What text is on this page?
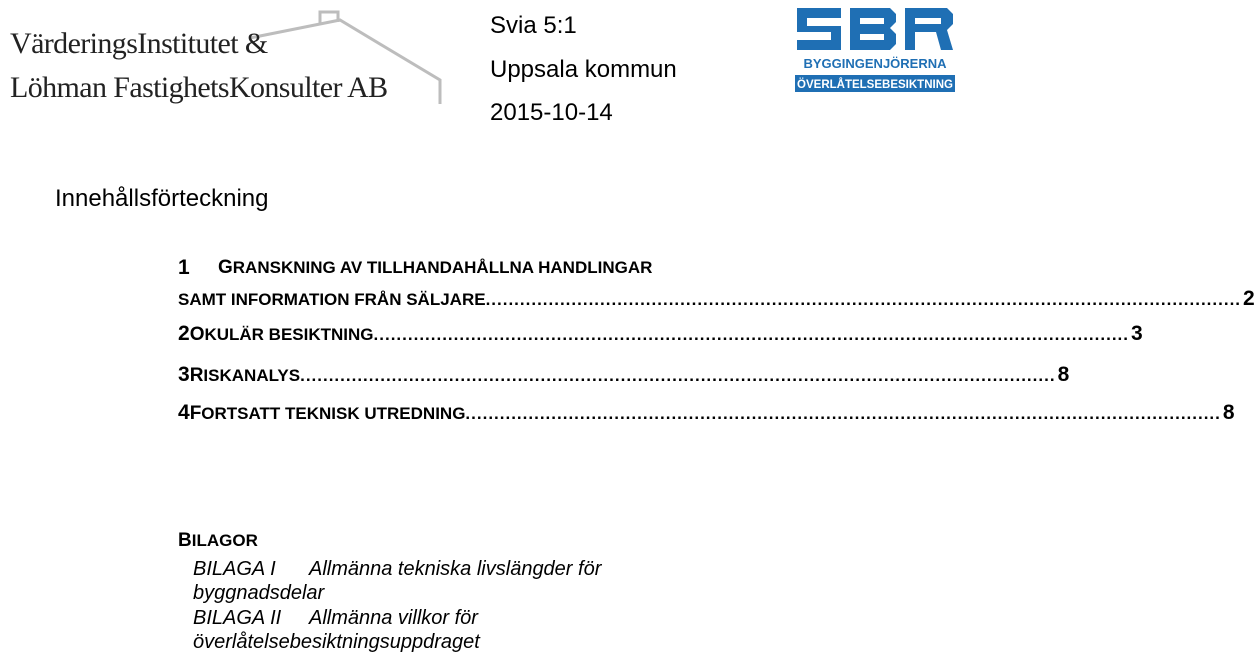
VärderingsInstitutet &
Löhman FastighetsKonsulter AB
Svia 5:1
Uppsala kommun
2015-10-14
BYGGINGENJÖRERNA
ÖVERLÅTELSEBESIKTNING
Innehållsförteckning
1 GRANSKNING AV TILLHANDAHÅLLNA HANDLINGAR
SAMT INFORMATION FRÅN SÄLJARE .................................................................................................................................... 2
2 OKULÄR BESIKTNING .................................................................................................................................... 3
3 RISKANALYS .................................................................................................................................... 8
4 FORTSATT TEKNISK UTREDNING .................................................................................................................................... 8
BILAGOR
BILAGA I Allmänna tekniska livslängder för
byggnadsdelar
BILAGA II Allmänna villkor för
överlåtelsebesiktningsuppdraget
